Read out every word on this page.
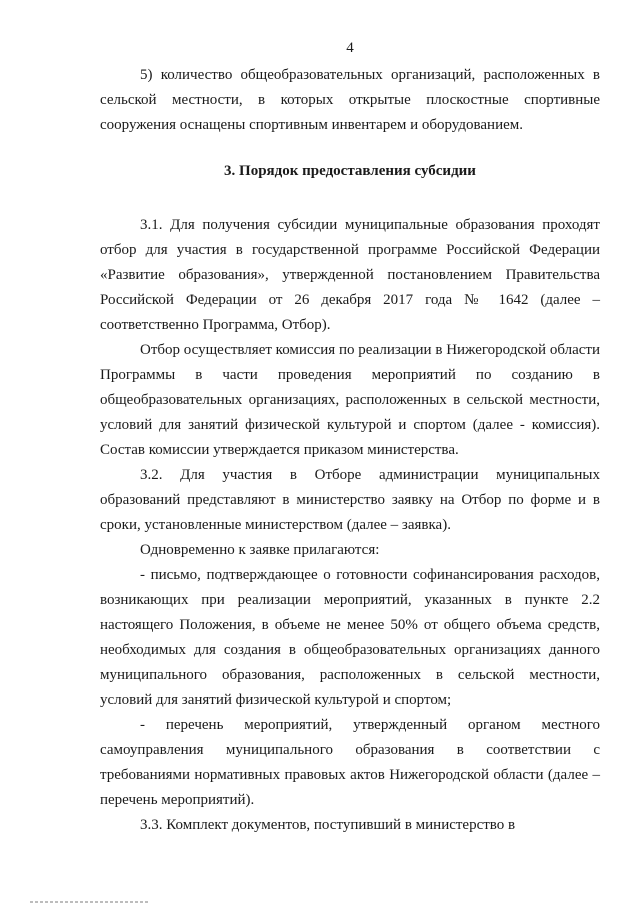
4

5) количество общеобразовательных организаций, расположенных в сельской местности, в которых открытые плоскостные спортивные сооружения оснащены спортивным инвентарем и оборудованием.

3. Порядок предоставления субсидии

3.1. Для получения субсидии муниципальные образования проходят отбор для участия в государственной программе Российской Федерации «Развитие образования», утвержденной постановлением Правительства Российской Федерации от 26 декабря 2017 года № 1642 (далее – соответственно Программа, Отбор).

Отбор осуществляет комиссия по реализации в Нижегородской области Программы в части проведения мероприятий по созданию в общеобразовательных организациях, расположенных в сельской местности, условий для занятий физической культурой и спортом (далее - комиссия). Состав комиссии утверждается приказом министерства.

3.2. Для участия в Отборе администрации муниципальных образований представляют в министерство заявку на Отбор по форме и в сроки, установленные министерством (далее – заявка).

Одновременно к заявке прилагаются:

- письмо, подтверждающее о готовности софинансирования расходов, возникающих при реализации мероприятий, указанных в пункте 2.2 настоящего Положения, в объеме не менее 50% от общего объема средств, необходимых для создания в общеобразовательных организациях данного муниципального образования, расположенных в сельской местности, условий для занятий физической культурой и спортом;

- перечень мероприятий, утвержденный органом местного самоуправления муниципального образования в соответствии с требованиями нормативных правовых актов Нижегородской области (далее – перечень мероприятий).

3.3. Комплект документов, поступивший в министерство в
